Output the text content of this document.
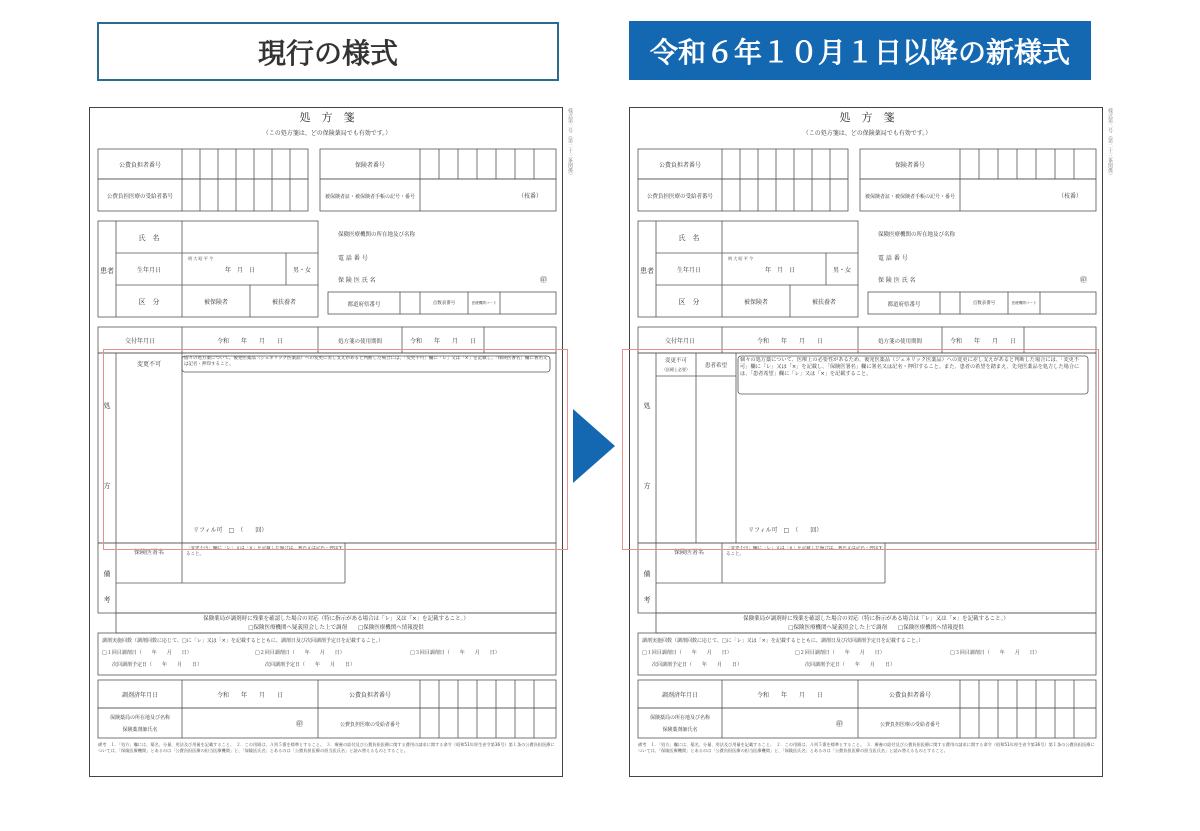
現行の様式	令和６年１０月１日以降の新様式
処　方　箋
（この処方箋は、どの保険薬局でも有効です。）
公費負担者番号
公費負担医療の受給者番号
保険者番号
被保険者証・被保険者手帳の記号・番号	（枝番）
患者
氏　名
生年月日
明 大 昭 平 令
年　月　日	男・女
区　分	被保険者	被扶養者
保険医療機関の所在地及び名称
電 話 番 号
保 険 医 氏 名	㊞
都道府県番号	点数表番号	医療機関コード
交付年月日	令和　　年　　月　　日	処方箋の使用期間	令和　　年　　月　　日
処
方
変更不可
個々の処方薬について、後発医薬品（ジェネリック医薬品）への変更に差し支えがあると判断した場合には、「変更不可」欄に「レ」又は「×」を記載し、「保険医署名」欄に署名又は記名・押印すること。
リフィル可　□　（　　回）
保険医署名
「変更不可」欄に「レ」又は「×」を記載した場合は、署名又は記名・押印すること。
備
考
保険薬局が調剤時に残薬を確認した場合の対応（特に指示がある場合は「レ」又は「×」を記載すること。）
□保険医療機関へ疑義照会した上で調剤　　□保険医療機関へ情報提供
調剤実施回数（調剤回数に応じて、□に「レ」又は「×」を記載するとともに、調剤日及び次回調剤予定日を記載すること。）
□１回目調剤日（　　年　　月　　日）	□２回目調剤日（　　年　　月　　日）	□３回目調剤日（　　年　　月　　日）
次回調剤予定日（　　年　　月　　日）	次回調剤予定日（　　年　　月　　日）
調剤済年月日	令和　　年　　月　　日	公費負担者番号
保険薬局の所在地及び名称
保険薬剤師氏名
㊞	公費負担医療の受給者番号
備考　１．「処方」欄には、薬名、分量、用法及び用量を記載すること。　２．この用紙は、Ａ列５番を標準とすること。　３．療養の給付及び公費負担医療に関する費用の請求に関する命令（昭和51年厚生省令第36号）第１条の公費負担医療については、「保険医療機関」とあるのは「公費負担医療の担当医療機関」と、「保険医氏名」とあるのは「公費負担医療の担当医氏名」と読み替えるものとすること。
様式第二号（第二十三条関係）	処　方　箋
（この処方箋は、どの保険薬局でも有効です。）
公費負担者番号
公費負担医療の受給者番号
保険者番号
被保険者証・被保険者手帳の記号・番号	（枝番）
患者
氏　名
生年月日
明 大 昭 平 令
年　月　日	男・女
区　分	被保険者	被扶養者
保険医療機関の所在地及び名称
電 話 番 号
保 険 医 氏 名	㊞
都道府県番号	点数表番号	医療機関コード
交付年月日	令和　　年　　月　　日	処方箋の使用期間	令和　　年　　月　　日
処
方
変更不可
（医療上必要）
患者希望
個々の処方薬について、医療上の必要性があるため、後発医薬品（ジェネリック医薬品）への変更に差し支えがあると判断した場合には、「変更不可」欄に「レ」又は「×」を記載し、「保険医署名」欄に署名又は記名・押印すること。また、患者の希望を踏まえ、先発医薬品を処方した場合には、「患者希望」欄に「レ」又は「×」を記載すること。
リフィル可　□　（　　回）
保険医署名
「変更不可」欄に「レ」又は「×」を記載した場合は、署名又は記名・押印すること。
備
考
保険薬局が調剤時に残薬を確認した場合の対応（特に指示がある場合は「レ」又は「×」を記載すること。）
□保険医療機関へ疑義照会した上で調剤　　□保険医療機関へ情報提供
調剤実施回数（調剤回数に応じて、□に「レ」又は「×」を記載するとともに、調剤日及び次回調剤予定日を記載すること。）
□１回目調剤日（　　年　　月　　日）	□２回目調剤日（　　年　　月　　日）	□３回目調剤日（　　年　　月　　日）
次回調剤予定日（　　年　　月　　日）	次回調剤予定日（　　年　　月　　日）
調剤済年月日	令和　　年　　月　　日	公費負担者番号
保険薬局の所在地及び名称
保険薬剤師氏名
㊞	公費負担医療の受給者番号
備考　１．「処方」欄には、薬名、分量、用法及び用量を記載すること。　２．この用紙は、Ａ列５番を標準とすること。　３．療養の給付及び公費負担医療に関する費用の請求に関する命令（昭和51年厚生省令第36号）第１条の公費負担医療については、「保険医療機関」とあるのは「公費負担医療の担当医療機関」と、「保険医氏名」とあるのは「公費負担医療の担当医氏名」と読み替えるものとすること。
様式第二号（第二十三条関係）
